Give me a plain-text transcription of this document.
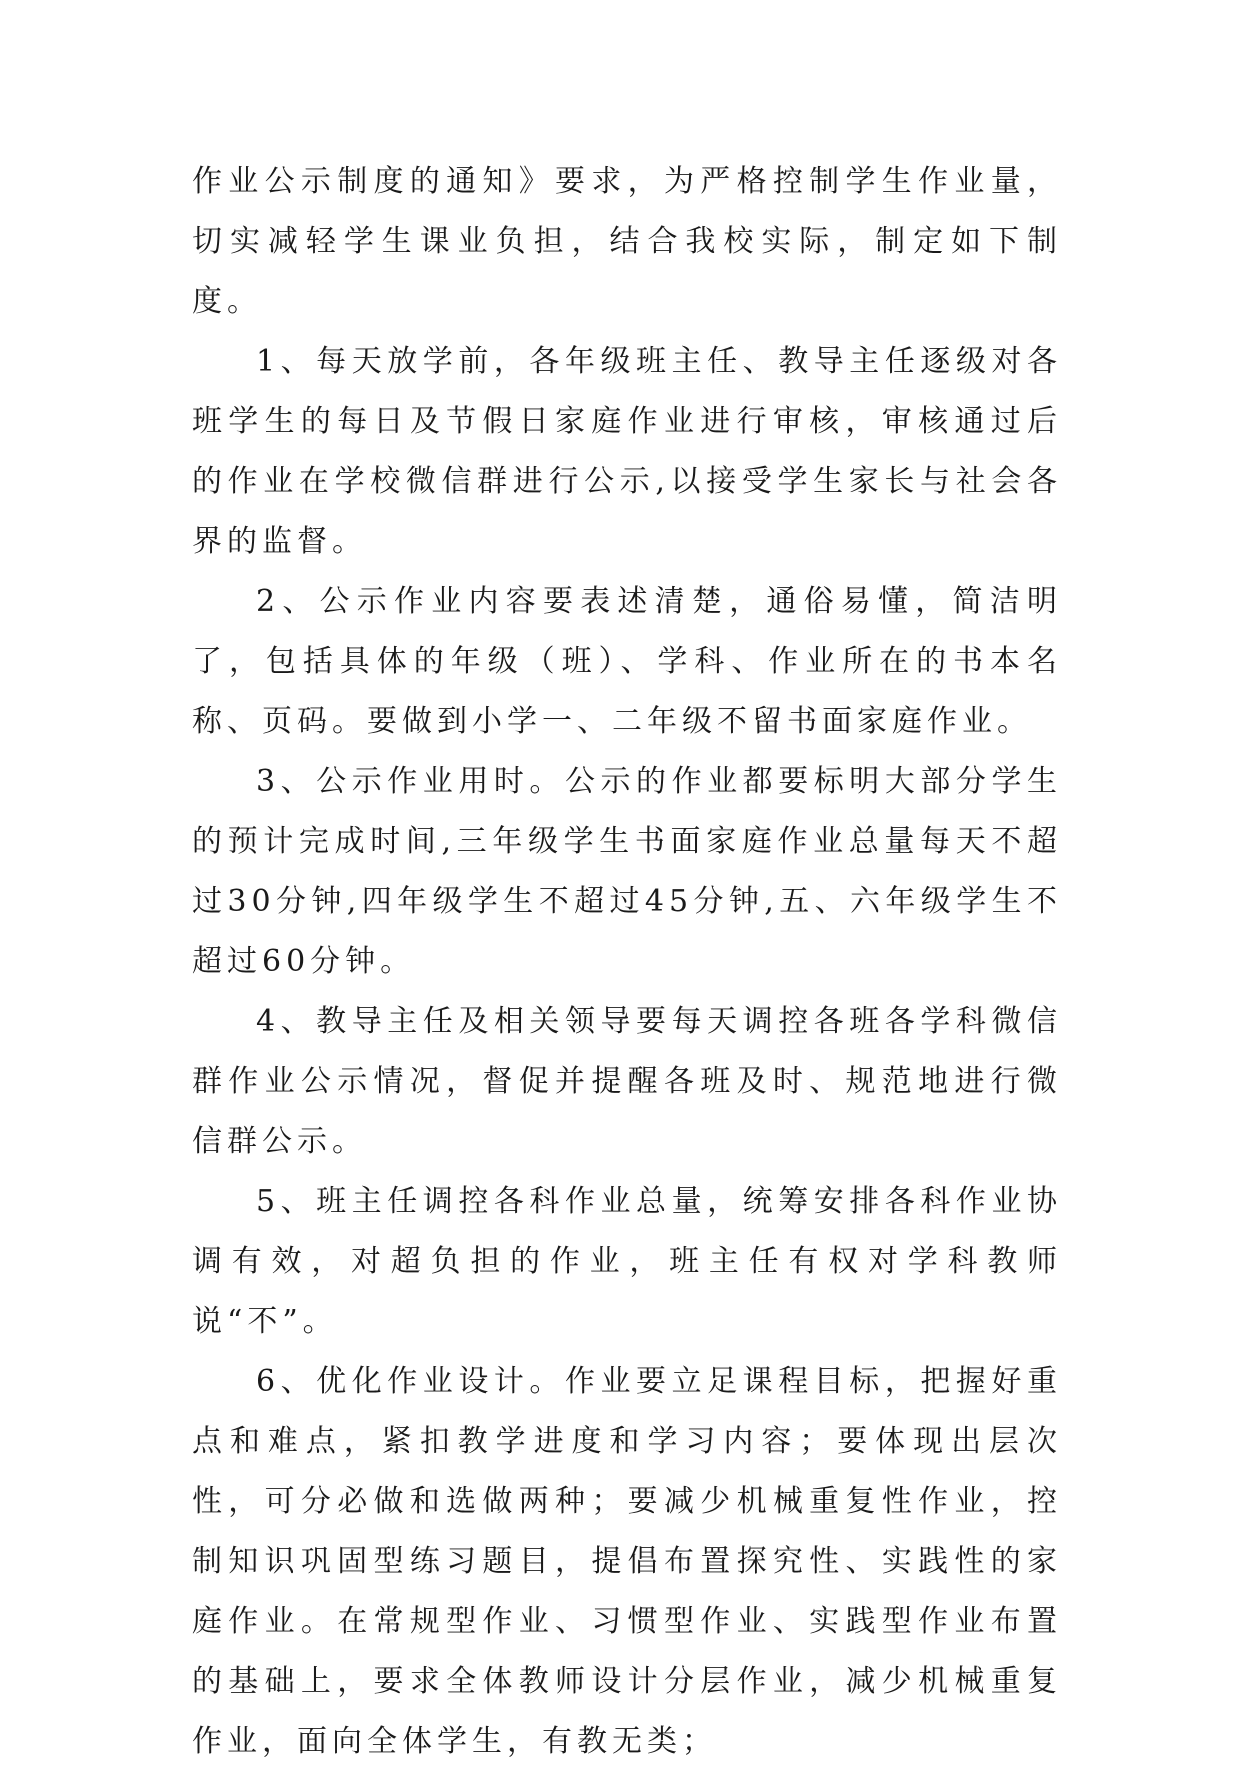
作业公示制度的通知》要求，为严格控制学生作业量，切实减轻学生课业负担，结合我校实际，制定如下制度。

1、每天放学前，各年级班主任、教导主任逐级对各班学生的每日及节假日家庭作业进行审核，审核通过后的作业在学校微信群进行公示,以接受学生家长与社会各界的监督。

2、公示作业内容要表述清楚，通俗易懂，简洁明了，包括具体的年级（班）、学科、作业所在的书本名称、页码。要做到小学一、二年级不留书面家庭作业。

3、公示作业用时。公示的作业都要标明大部分学生的预计完成时间,三年级学生书面家庭作业总量每天不超过30分钟,四年级学生不超过45分钟,五、六年级学生不超过60分钟。

4、教导主任及相关领导要每天调控各班各学科微信群作业公示情况，督促并提醒各班及时、规范地进行微信群公示。

5、班主任调控各科作业总量，统筹安排各科作业协调有效，对超负担的作业，班主任有权对学科教师说“不”。

6、优化作业设计。作业要立足课程目标，把握好重点和难点，紧扣教学进度和学习内容；要体现出层次性，可分必做和选做两种；要减少机械重复性作业，控制知识巩固型练习题目，提倡布置探究性、实践性的家庭作业。在常规型作业、习惯型作业、实践型作业布置的基础上，要求全体教师设计分层作业，减少机械重复作业，面向全体学生，有教无类；
